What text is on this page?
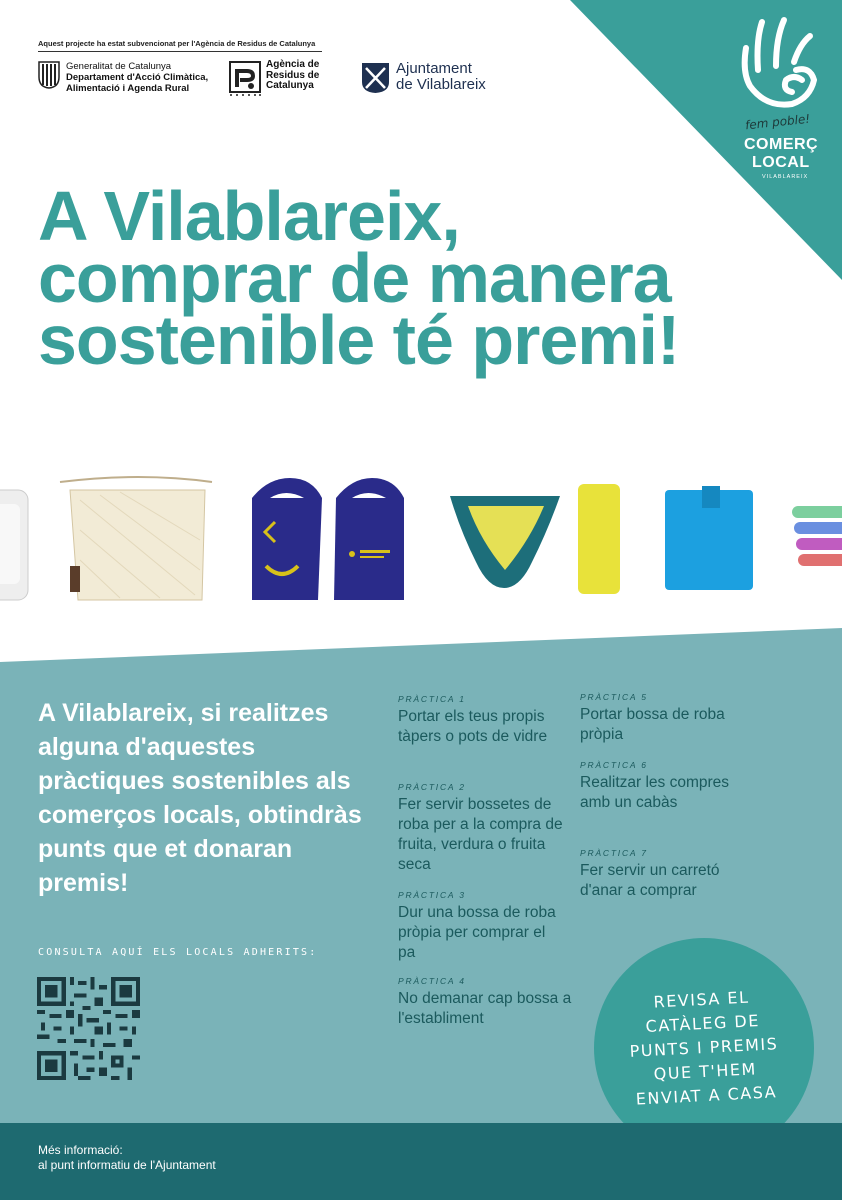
Aquest projecte ha estat subvencionat per l'Agència de Residus de Catalunya
Generalitat de Catalunya
Departament d'Acció Climàtica,
Alimentació i Agenda Rural
Agència de
Residus de
Catalunya
Ajuntament
de Vilablareix
fem poble!
COMERÇ
LOCAL
VILABLAREIX
A Vilablareix,
comprar de manera
sostenible té premi!

A Vilablareix, si realitzes alguna d'aquestes pràctiques sostenibles als comerços locals, obtindràs punts que et donaran premis!

CONSULTA AQUÍ ELS LOCALS ADHERITS:
PRÀCTICA 1
Portar els teus propis tàpers o pots de vidre
PRÀCTICA 2
Fer servir bossetes de roba per a la compra de fruita, verdura o fruita seca
PRÀCTICA 3
Dur una bossa de roba pròpia per comprar el pa
PRÀCTICA 4
No demanar cap bossa a l'establiment
PRÀCTICA 5
Portar bossa de roba pròpia
PRÀCTICA 6
Realitzar les compres amb un cabàs
PRÀCTICA 7
Fer servir un carretó d'anar a comprar
REVISA EL
CATÀLEG DE
PUNTS I PREMIS
QUE T'HEM
ENVIAT A CASA
Més informació:
al punt informatiu de l'Ajuntament
